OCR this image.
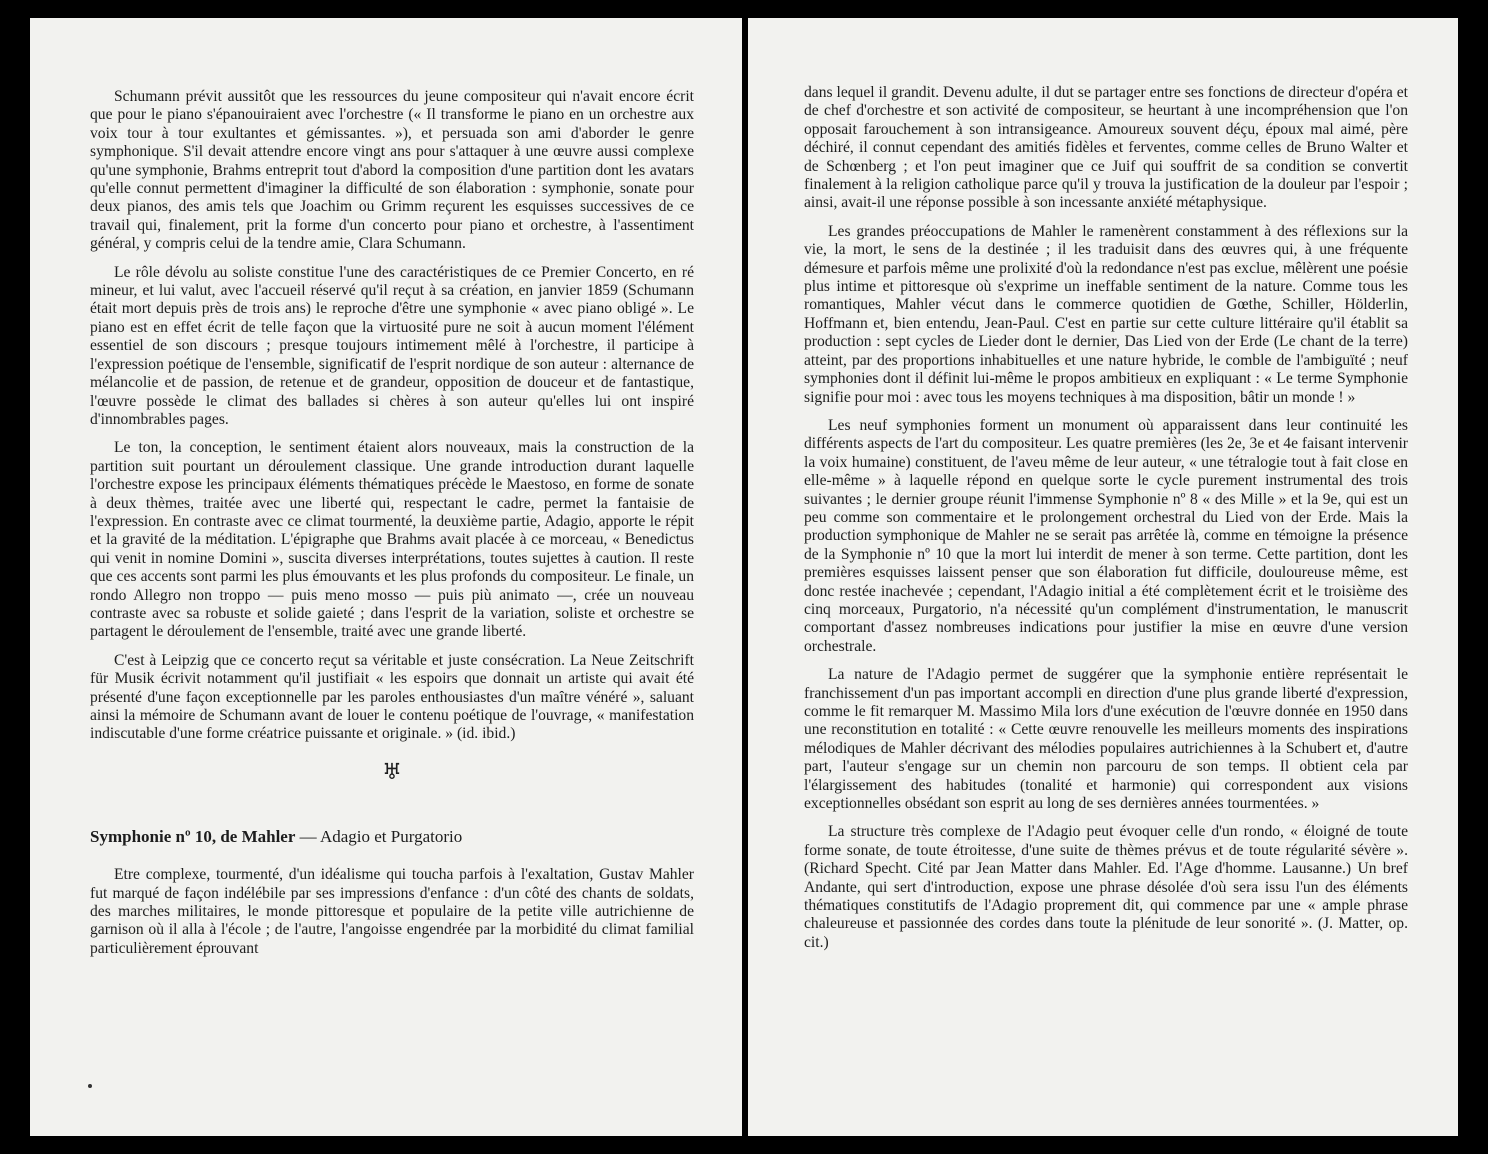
Schumann prévit aussitôt que les ressources du jeune compositeur qui n'avait encore écrit que pour le piano s'épanouiraient avec l'orchestre (« Il transforme le piano en un orchestre aux voix tour à tour exultantes et gémissantes. »), et persuada son ami d'aborder le genre symphonique. S'il devait attendre encore vingt ans pour s'attaquer à une œuvre aussi complexe qu'une symphonie, Brahms entreprit tout d'abord la composition d'une partition dont les avatars qu'elle connut permettent d'imaginer la difficulté de son élaboration : symphonie, sonate pour deux pianos, des amis tels que Joachim ou Grimm reçurent les esquisses successives de ce travail qui, finalement, prit la forme d'un concerto pour piano et orchestre, à l'assentiment général, y compris celui de la tendre amie, Clara Schumann.

Le rôle dévolu au soliste constitue l'une des caractéristiques de ce Premier Concerto, en ré mineur, et lui valut, avec l'accueil réservé qu'il reçut à sa création, en janvier 1859 (Schumann était mort depuis près de trois ans) le reproche d'être une symphonie « avec piano obligé ». Le piano est en effet écrit de telle façon que la virtuosité pure ne soit à aucun moment l'élément essentiel de son discours ; presque toujours intimement mêlé à l'orchestre, il participe à l'expression poétique de l'ensemble, significatif de l'esprit nordique de son auteur : alternance de mélancolie et de passion, de retenue et de grandeur, opposition de douceur et de fantastique, l'œuvre possède le climat des ballades si chères à son auteur qu'elles lui ont inspiré d'innombrables pages.

Le ton, la conception, le sentiment étaient alors nouveaux, mais la construction de la partition suit pourtant un déroulement classique. Une grande introduction durant laquelle l'orchestre expose les principaux éléments thématiques précède le Maestoso, en forme de sonate à deux thèmes, traitée avec une liberté qui, respectant le cadre, permet la fantaisie de l'expression. En contraste avec ce climat tourmenté, la deuxième partie, Adagio, apporte le répit et la gravité de la méditation. L'épigraphe que Brahms avait placée à ce morceau, « Benedictus qui venit in nomine Domini », suscita diverses interprétations, toutes sujettes à caution. Il reste que ces accents sont parmi les plus émouvants et les plus profonds du compositeur. Le finale, un rondo Allegro non troppo — puis meno mosso — puis più animato —, crée un nouveau contraste avec sa robuste et solide gaieté ; dans l'esprit de la variation, soliste et orchestre se partagent le déroulement de l'ensemble, traité avec une grande liberté.

C'est à Leipzig que ce concerto reçut sa véritable et juste consécration. La Neue Zeitschrift für Musik écrivit notamment qu'il justifiait « les espoirs que donnait un artiste qui avait été présenté d'une façon exceptionnelle par les paroles enthousiastes d'un maître vénéré », saluant ainsi la mémoire de Schumann avant de louer le contenu poétique de l'ouvrage, « manifestation indiscutable d'une forme créatrice puissante et originale. » (id. ibid.)

♅

Symphonie nº 10, de Mahler — Adagio et Purgatorio

Etre complexe, tourmenté, d'un idéalisme qui toucha parfois à l'exaltation, Gustav Mahler fut marqué de façon indélébile par ses impressions d'enfance : d'un côté des chants de soldats, des marches militaires, le monde pittoresque et populaire de la petite ville autrichienne de garnison où il alla à l'école ; de l'autre, l'angoisse engendrée par la morbidité du climat familial particulièrement éprouvant

dans lequel il grandit. Devenu adulte, il dut se partager entre ses fonctions de directeur d'opéra et de chef d'orchestre et son activité de compositeur, se heurtant à une incompréhension que l'on opposait farouchement à son intransigeance. Amoureux souvent déçu, époux mal aimé, père déchiré, il connut cependant des amitiés fidèles et ferventes, comme celles de Bruno Walter et de Schœnberg ; et l'on peut imaginer que ce Juif qui souffrit de sa condition se convertit finalement à la religion catholique parce qu'il y trouva la justification de la douleur par l'espoir ; ainsi, avait-il une réponse possible à son incessante anxiété métaphysique.

Les grandes préoccupations de Mahler le ramenèrent constamment à des réflexions sur la vie, la mort, le sens de la destinée ; il les traduisit dans des œuvres qui, à une fréquente démesure et parfois même une prolixité d'où la redondance n'est pas exclue, mêlèrent une poésie plus intime et pittoresque où s'exprime un ineffable sentiment de la nature. Comme tous les romantiques, Mahler vécut dans le commerce quotidien de Gœthe, Schiller, Hölderlin, Hoffmann et, bien entendu, Jean-Paul. C'est en partie sur cette culture littéraire qu'il établit sa production : sept cycles de Lieder dont le dernier, Das Lied von der Erde (Le chant de la terre) atteint, par des proportions inhabituelles et une nature hybride, le comble de l'ambiguïté ; neuf symphonies dont il définit lui-même le propos ambitieux en expliquant : « Le terme Symphonie signifie pour moi : avec tous les moyens techniques à ma disposition, bâtir un monde ! »

Les neuf symphonies forment un monument où apparaissent dans leur continuité les différents aspects de l'art du compositeur. Les quatre premières (les 2e, 3e et 4e faisant intervenir la voix humaine) constituent, de l'aveu même de leur auteur, « une tétralogie tout à fait close en elle-même » à laquelle répond en quelque sorte le cycle purement instrumental des trois suivantes ; le dernier groupe réunit l'immense Symphonie nº 8 « des Mille » et la 9e, qui est un peu comme son commentaire et le prolongement orchestral du Lied von der Erde. Mais la production symphonique de Mahler ne se serait pas arrêtée là, comme en témoigne la présence de la Symphonie nº 10 que la mort lui interdit de mener à son terme. Cette partition, dont les premières esquisses laissent penser que son élaboration fut difficile, douloureuse même, est donc restée inachevée ; cependant, l'Adagio initial a été complètement écrit et le troisième des cinq morceaux, Purgatorio, n'a nécessité qu'un complément d'instrumentation, le manuscrit comportant d'assez nombreuses indications pour justifier la mise en œuvre d'une version orchestrale.

La nature de l'Adagio permet de suggérer que la symphonie entière représentait le franchissement d'un pas important accompli en direction d'une plus grande liberté d'expression, comme le fit remarquer M. Massimo Mila lors d'une exécution de l'œuvre donnée en 1950 dans une reconstitution en totalité : « Cette œuvre renouvelle les meilleurs moments des inspirations mélodiques de Mahler décrivant des mélodies populaires autrichiennes à la Schubert et, d'autre part, l'auteur s'engage sur un chemin non parcouru de son temps. Il obtient cela par l'élargissement des habitudes (tonalité et harmonie) qui correspondent aux visions exceptionnelles obsédant son esprit au long de ses dernières années tourmentées. »

La structure très complexe de l'Adagio peut évoquer celle d'un rondo, « éloigné de toute forme sonate, de toute étroitesse, d'une suite de thèmes prévus et de toute régularité sévère ». (Richard Specht. Cité par Jean Matter dans Mahler. Ed. l'Age d'homme. Lausanne.) Un bref Andante, qui sert d'introduction, expose une phrase désolée d'où sera issu l'un des éléments thématiques constitutifs de l'Adagio proprement dit, qui commence par une « ample phrase chaleureuse et passionnée des cordes dans toute la plénitude de leur sonorité ». (J. Matter, op. cit.)
